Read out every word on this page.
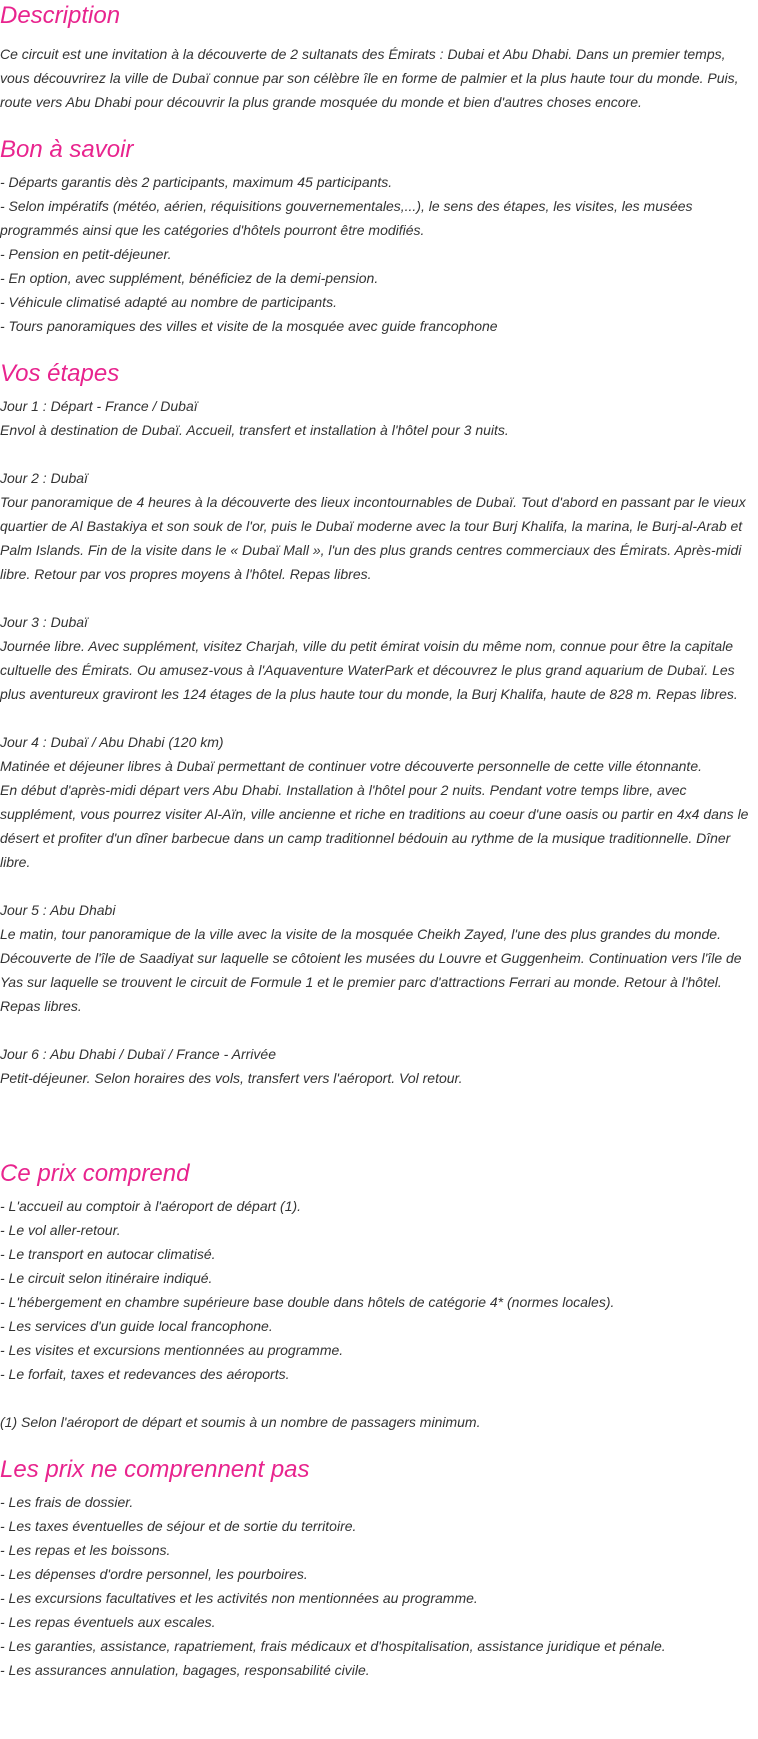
Description

Ce circuit est une invitation à la découverte de 2 sultanats des Émirats : Dubai et Abu Dhabi. Dans un premier temps, vous découvrirez la ville de Dubaï connue par son célèbre île en forme de palmier et la plus haute tour du monde. Puis, route vers Abu Dhabi pour découvrir la plus grande mosquée du monde et bien d'autres choses encore.

Bon à savoir
- Départs garantis dès 2 participants, maximum 45 participants.
- Selon impératifs (météo, aérien, réquisitions gouvernementales,...), le sens des étapes, les visites, les musées programmés ainsi que les catégories d'hôtels pourront être modifiés.
- Pension en petit-déjeuner.
- En option, avec supplément, bénéficiez de la demi-pension.
- Véhicule climatisé adapté au nombre de participants.
- Tours panoramiques des villes et visite de la mosquée avec guide francophone
Vos étapes
Jour 1 : Départ - France / Dubaï
Envol à destination de Dubaï. Accueil, transfert et installation à l'hôtel pour 3 nuits.
Jour 2 : Dubaï
Tour panoramique de 4 heures à la découverte des lieux incontournables de Dubaï. Tout d'abord en passant par le vieux quartier de Al Bastakiya et son souk de l'or, puis le Dubaï moderne avec la tour Burj Khalifa, la marina, le Burj-al-Arab et Palm Islands. Fin de la visite dans le « Dubaï Mall », l'un des plus grands centres commerciaux des Émirats. Après-midi libre. Retour par vos propres moyens à l'hôtel. Repas libres.
Jour 3 : Dubaï
Journée libre. Avec supplément, visitez Charjah, ville du petit émirat voisin du même nom, connue pour être la capitale cultuelle des Émirats. Ou amusez-vous à l'Aquaventure WaterPark et découvrez le plus grand aquarium de Dubaï. Les plus aventureux graviront les 124 étages de la plus haute tour du monde, la Burj Khalifa, haute de 828 m. Repas libres.
Jour 4 : Dubaï / Abu Dhabi (120 km)
Matinée et déjeuner libres à Dubaï permettant de continuer votre découverte personnelle de cette ville étonnante.
En début d'après-midi départ vers Abu Dhabi. Installation à l'hôtel pour 2 nuits. Pendant votre temps libre, avec supplément, vous pourrez visiter Al-Aïn, ville ancienne et riche en traditions au coeur d'une oasis ou partir en 4x4 dans le désert et profiter d'un dîner barbecue dans un camp traditionnel bédouin au rythme de la musique traditionnelle. Dîner libre.
Jour 5 : Abu Dhabi
Le matin, tour panoramique de la ville avec la visite de la mosquée Cheikh Zayed, l'une des plus grandes du monde. Découverte de l'île de Saadiyat sur laquelle se côtoient les musées du Louvre et Guggenheim. Continuation vers l'île de Yas sur laquelle se trouvent le circuit de Formule 1 et le premier parc d'attractions Ferrari au monde. Retour à l'hôtel. Repas libres.
Jour 6 : Abu Dhabi / Dubaï / France - Arrivée
Petit-déjeuner. Selon horaires des vols, transfert vers l'aéroport. Vol retour.
Ce prix comprend
- L'accueil au comptoir à l'aéroport de départ (1).
- Le vol aller-retour.
- Le transport en autocar climatisé.
- Le circuit selon itinéraire indiqué.
- L'hébergement en chambre supérieure base double dans hôtels de catégorie 4* (normes locales).
- Les services d'un guide local francophone.
- Les visites et excursions mentionnées au programme.
- Le forfait, taxes et redevances des aéroports.
(1) Selon l'aéroport de départ et soumis à un nombre de passagers minimum.
Les prix ne comprennent pas
- Les frais de dossier.
- Les taxes éventuelles de séjour et de sortie du territoire.
- Les repas et les boissons.
- Les dépenses d'ordre personnel, les pourboires.
- Les excursions facultatives et les activités non mentionnées au programme.
- Les repas éventuels aux escales.
- Les garanties, assistance, rapatriement, frais médicaux et d'hospitalisation, assistance juridique et pénale.
- Les assurances annulation, bagages, responsabilité civile.
